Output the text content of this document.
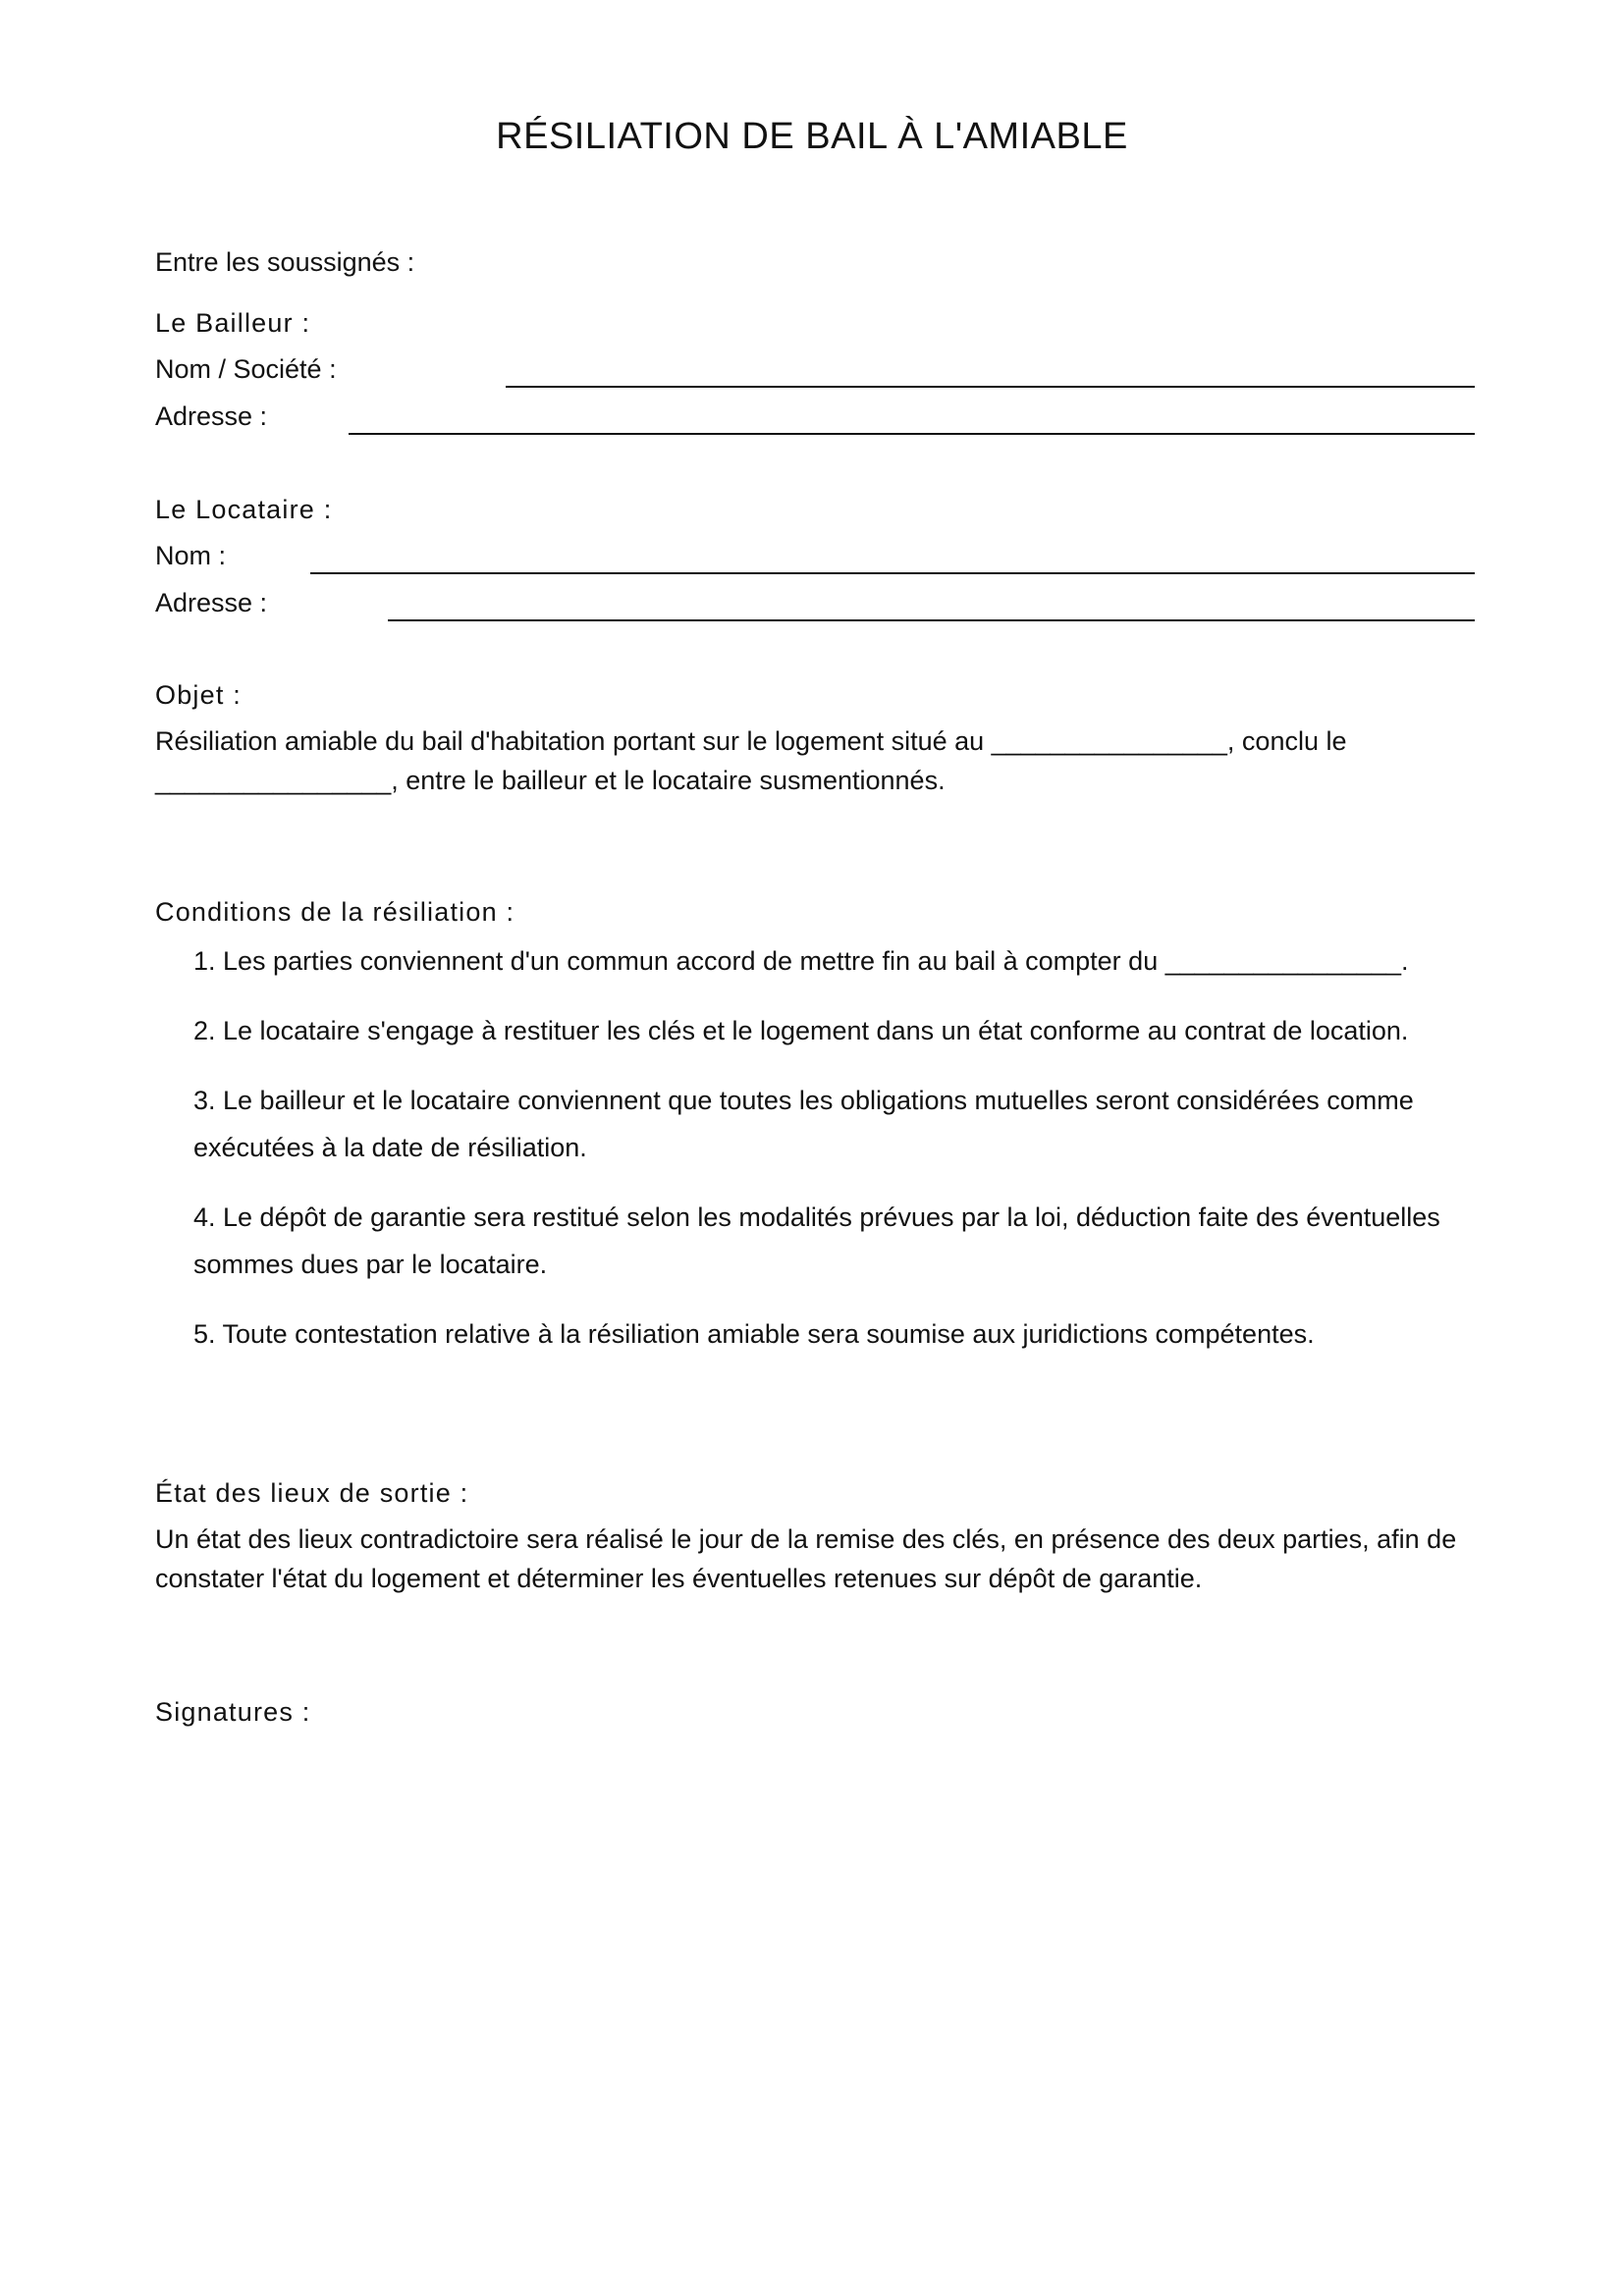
RÉSILIATION DE BAIL À L'AMIABLE
Entre les soussignés :
Le Bailleur :
Nom / Société :
Adresse :
Le Locataire :
Nom :
Adresse :
Objet :
Résiliation amiable du bail d'habitation portant sur le logement situé au ________________, conclu le
________________, entre le bailleur et le locataire susmentionnés.
Conditions de la résiliation :
1. Les parties conviennent d'un commun accord de mettre fin au bail à compter du ________________.
2. Le locataire s'engage à restituer les clés et le logement dans un état conforme au contrat de location.
3. Le bailleur et le locataire conviennent que toutes les obligations mutuelles seront considérées comme exécutées à la date de résiliation.
4. Le dépôt de garantie sera restitué selon les modalités prévues par la loi, déduction faite des éventuelles sommes dues par le locataire.
5. Toute contestation relative à la résiliation amiable sera soumise aux juridictions compétentes.
État des lieux de sortie :
Un état des lieux contradictoire sera réalisé le jour de la remise des clés, en présence des deux parties, afin de constater l'état du logement et déterminer les éventuelles retenues sur dépôt de garantie.
Signatures :
